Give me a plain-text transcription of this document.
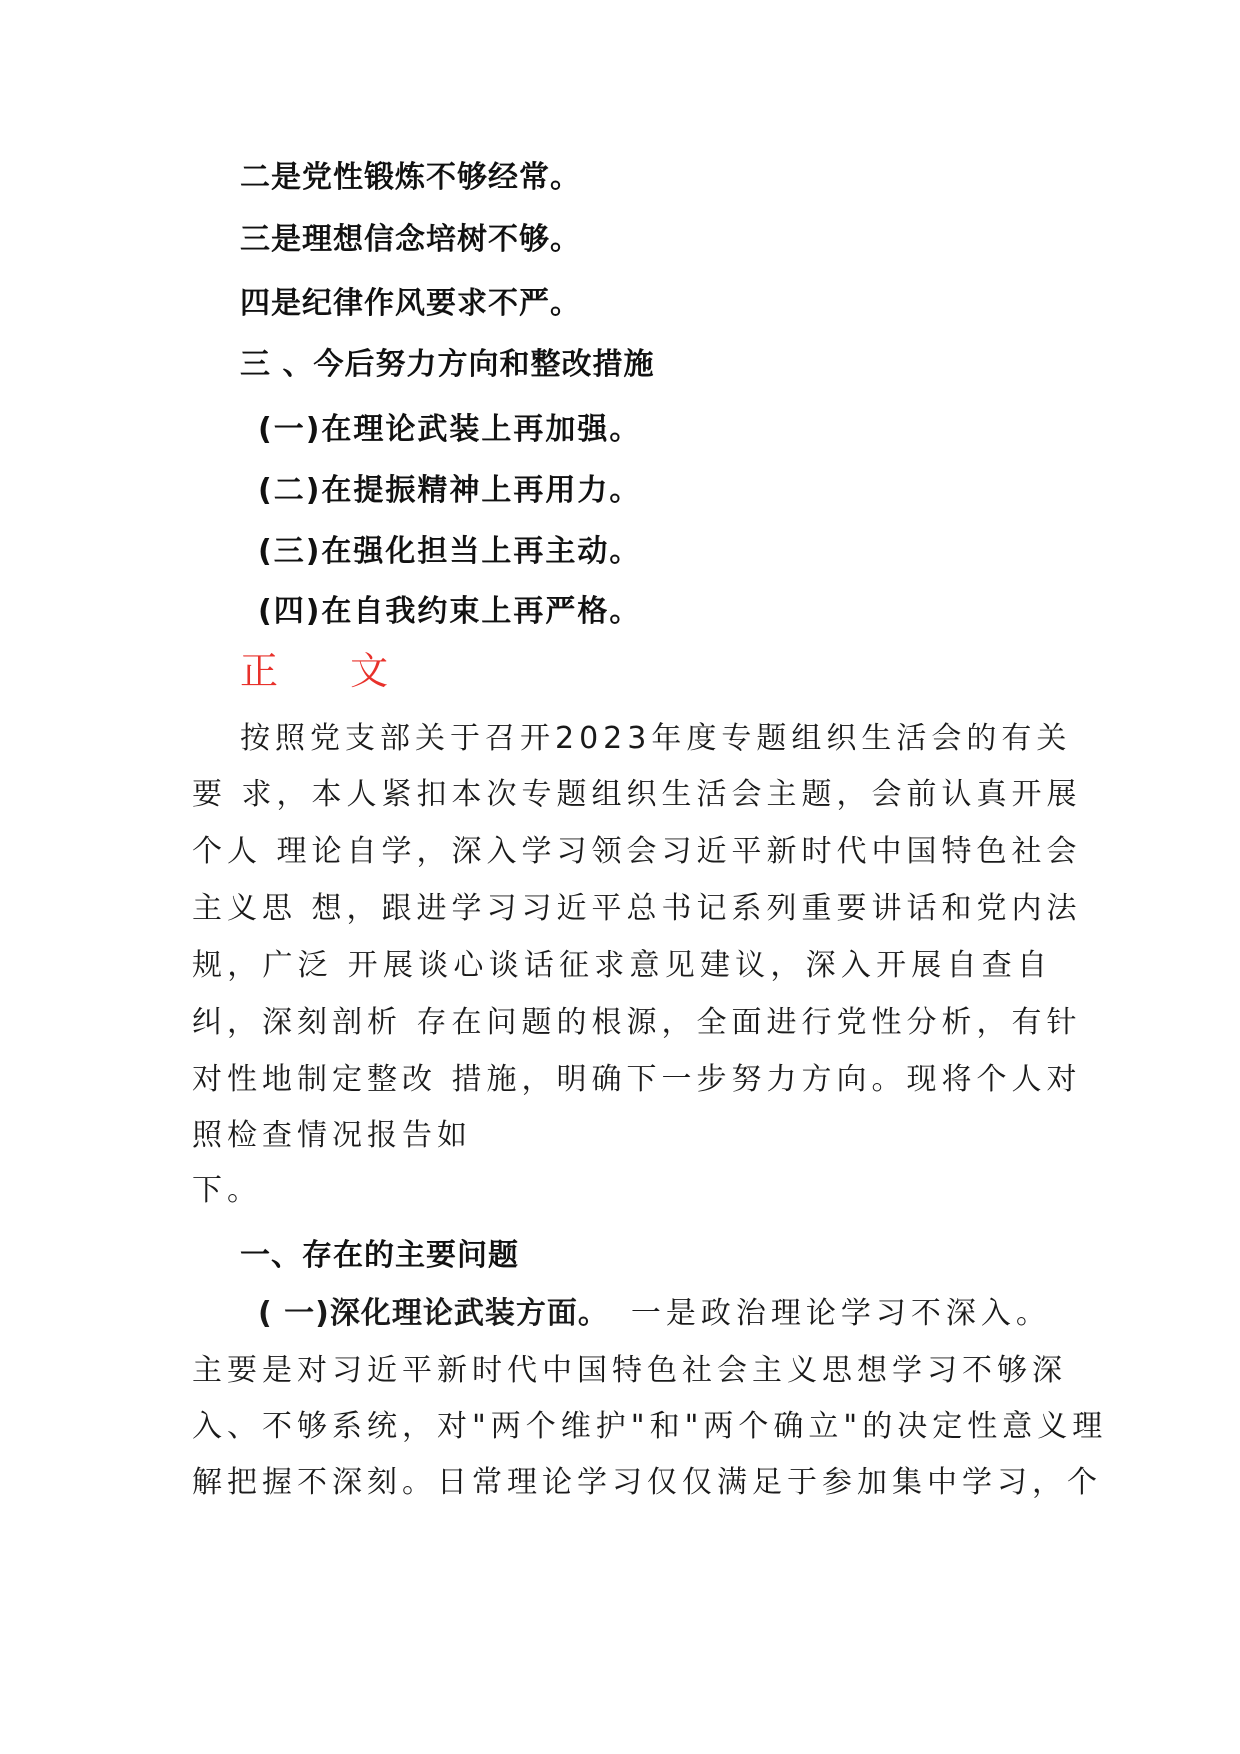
二是党性锻炼不够经常。
三是理想信念培树不够。
四是纪律作风要求不严。
三 、今后努力方向和整改措施
(一)在理论武装上再加强。
(二)在提振精神上再用力。
(三)在强化担当上再主动。
(四)在自我约束上再严格。
正 文
按照党支部关于召开2023年度专题组织生活会的有关
要 求，本人紧扣本次专题组织生活会主题，会前认真开展
个人 理论自学，深入学习领会习近平新时代中国特色社会
主义思 想，跟进学习习近平总书记系列重要讲话和党内法
规，广泛 开展谈心谈话征求意见建议，深入开展自查自
纠，深刻剖析 存在问题的根源，全面进行党性分析，有针
对性地制定整改 措施，明确下一步努力方向。现将个人对
照检查情况报告如
下。
一、存在的主要问题
( 一)深化理论武装方面。 一是政治理论学习不深入。
主要是对习近平新时代中国特色社会主义思想学习不够深
入、不够系统，对"两个维护"和"两个确立"的决定性意义理
解把握不深刻。日常理论学习仅仅满足于参加集中学习，个
